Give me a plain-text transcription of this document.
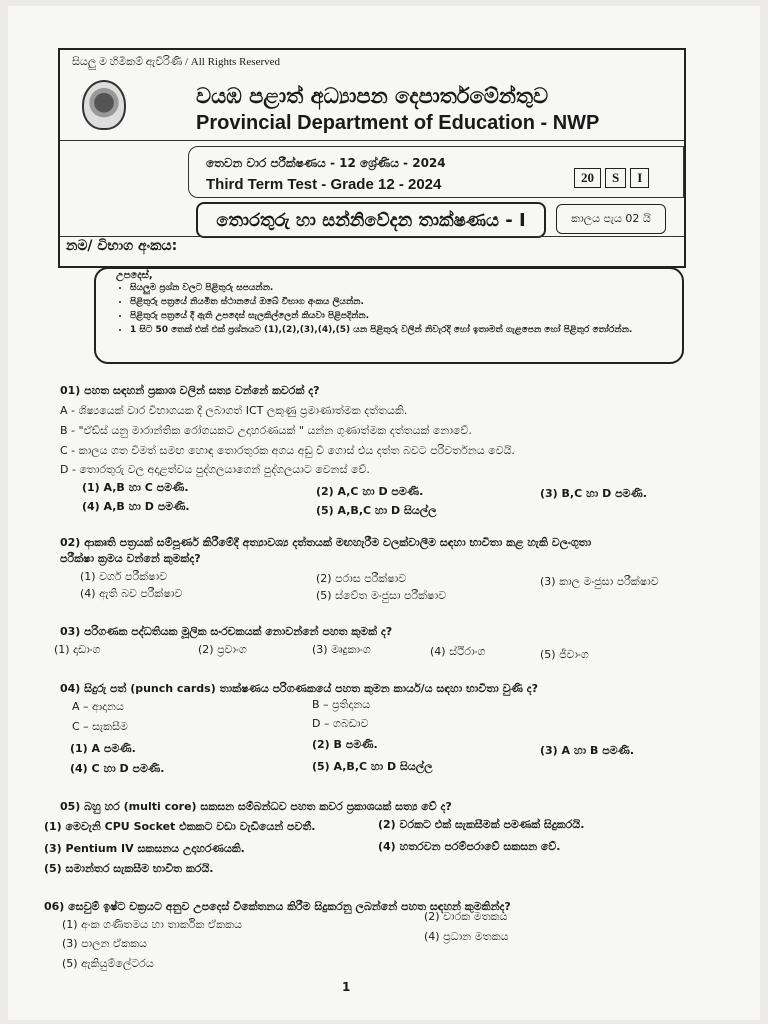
සියලු ම හිමිකම් ඇවිරිණි / All Rights Reserved
වයඹ පළාත් අධ්‍යාපන දෙපාර්තමේන්තුව
Provincial Department of Education - NWP
තෙවන වාර පරීක්ෂණය - 12 ශ්‍රේණිය - 2024
Third Term Test - Grade 12 - 2024	20	S	I
තොරතුරු හා සන්නිවේදන තාක්ෂණය - I	කාලය පැය 02 යි
නම/ විභාග අංකය:
• සියලුම ප්‍රශ්න වලට පිළිතුරු සපයන්න.
• පිළිතුරු පත්‍රයේ නියමිත ස්ථානයේ ඔබේ විභාග අංකය ලියන්න.
• පිළිතුරු පත්‍රයේ දී ඇති උපදෙස් සැලකිල්ලෙන් කියවා පිළිපදින්න.
• 1 සිට 50 තෙක් එක් එක් ප්‍රශ්නයට (1),(2),(3),(4),(5) යන පිළිතුරු වලින් නිවැරදි හෝ ඉතාමත් ගැළපෙන හෝ පිළිතුර තෝරන්න.
උපදෙස්,
01) පහත සඳහන් ප්‍රකාශ වලින් සත්‍ය වන්නේ කවරක් ද?
A - ශිෂ්‍යයෙක් වාර විභාගයක දී ලබාගත් ICT ලකුණු ප්‍රමාණාත්මක දත්තයකි.
B - "ඒඩ්ස් යනු මාරාන්තික රෝගයකට උදාහරණයක් " යන්න ගුණාත්මක දත්තයක් නොවේ.
C - කාලය ගත වීමත් සමඟ හොඳ තොරතුරක අගය අඩු වී ගොස් එය දත්ත බවට පරිවර්තනය වෙයි.
D - තොරතුරු වල අදාළත්වය පුද්ගලයාගෙන් පුද්ගලයාට වෙනස් වේ.
(1) A,B හා C පමණි.	(2) A,C හා D පමණි.	(3) B,C හා D පමණි.
(4) A,B හා D පමණි.	(5) A,B,C හා D සියල්ල
02) ආකෘති පත්‍රයක් සම්පූර්ණ කිරීමේදී අත්‍යාවශ්‍ය දත්තයක් මඟහැරීම වලක්වාලීම සඳහා භාවිතා කළ හැකි වලංගුතා
පරීක්ෂා ක්‍රමය වන්නේ කුමක්ද?
(1) වර්ග පරීක්ෂාව	(2) පරාස පරීක්ෂාව	(3) කාල මංජුසා පරීක්ෂාව
(4) ඇති බව පරීක්ෂාව	(5) ස්වේත මංජුසා පරීක්ෂාව
03) පරිගණක පද්ධතියක මූලික සංරචකයක් නොවන්නේ පහත කුමක් ද?
(1) දෘඩාංග	(2) ප්‍රවාංග	(3) මෘදුකාංග	(4) ස්ථිරාංග	(5) ජීවාංග
04) සිදුරු පත් (punch cards) තාක්ෂණය පරිගණකයේ පහත කුමන කාර්ය/ය සඳහා භාවිතා වුණි ද?
A – ආදානය	B – ප්‍රතිදානය
C – සැකසීම	D – ගබඩාව
(1) A පමණි.	(2) B පමණි.	(3) A හා B පමණි.
(4) C හා D පමණි.	(5) A,B,C හා D සියල්ල
05) බහු හර (multi core) සකසන සම්බන්ධව පහත කවර ප්‍රකාශයක් සත්‍ය වේ ද?
(1) මෙවැනි CPU Socket එකකට වඩා වැඩියෙන් පවතී.	(2) වරකට එක් සැකසීමක් පමණක් සිදුකරයි.
(3) Pentium IV සකසනය උදාහරණයකි.	(4) හතරවන පරම්පරාවේ සකසන වේ.
(5) සමාන්තර සැකසීම භාවිත කරයි.
06) සෙවුම් ඉෂ්ට චක්‍රයට අනුව උපදෙස් විකේතනය කිරීම සිදුකරනු ලබන්නේ පහත සඳහන් කුමකින්ද?
(1) අංක ගණිතමය හා තාර්කික ඒකකය
(2) වාරක මතකය
(3) පාලන ඒකකය
(4) ප්‍රධාන මතකය
(5) ඇකියුම්ලේටරය
1
